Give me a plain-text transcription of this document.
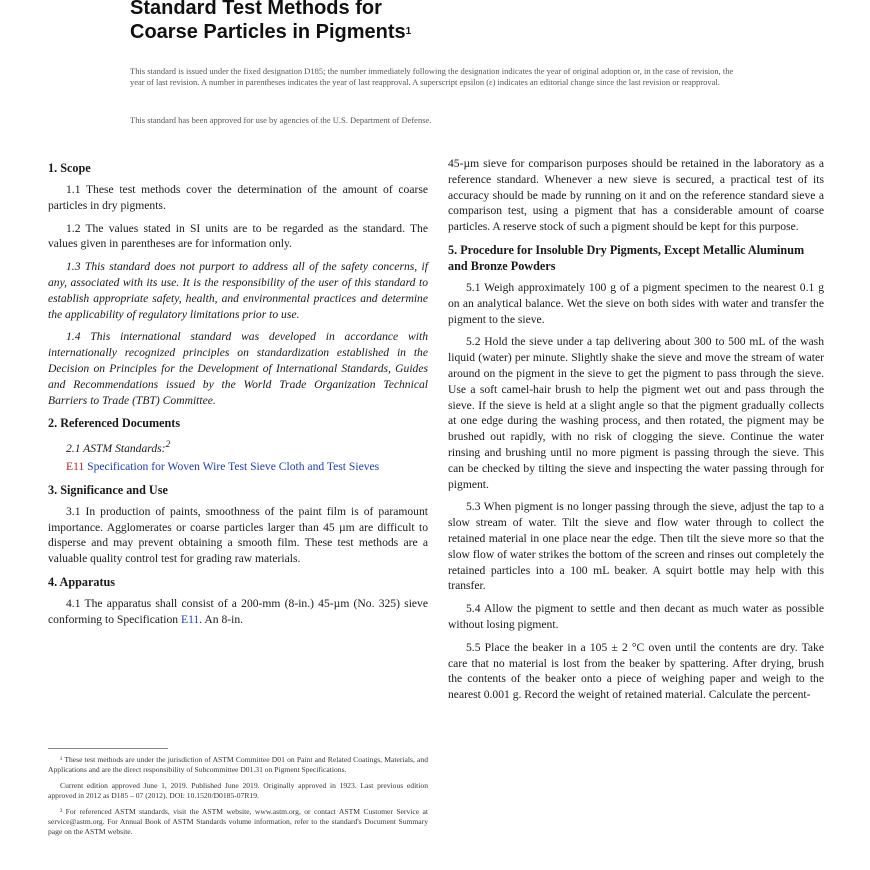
Standard Test Methods for
Coarse Particles in Pigments$^1$
This standard is issued under the fixed designation D185; the number immediately following the designation indicates the year of original adoption or, in the case of revision, the year of last revision. A number in parentheses indicates the year of last reapproval. A superscript epsilon (ε) indicates an editorial change since the last revision or reapproval.
This standard has been approved for use by agencies of the U.S. Department of Defense.
1. Scope

1.1 These test methods cover the determination of the amount of coarse particles in dry pigments.

1.2 The values stated in SI units are to be regarded as the standard. The values given in parentheses are for information only.

1.3 This standard does not purport to address all of the safety concerns, if any, associated with its use. It is the responsibility of the user of this standard to establish appropriate safety, health, and environmental practices and determine the applicability of regulatory limitations prior to use.

1.4 This international standard was developed in accordance with internationally recognized principles on standardization established in the Decision on Principles for the Development of International Standards, Guides and Recommendations issued by the World Trade Organization Technical Barriers to Trade (TBT) Committee.

2. Referenced Documents
2.1 ASTM Standards:$^2$
E11 Specification for Woven Wire Test Sieve Cloth and Test Sieves
3. Significance and Use

3.1 In production of paints, smoothness of the paint film is of paramount importance. Agglomerates or coarse particles larger than 45 µm are difficult to disperse and may prevent obtaining a smooth film. These test methods are a valuable quality control test for grading raw materials.

4. Apparatus

4.1 The apparatus shall consist of a 200-mm (8-in.) 45-µm (No. 325) sieve conforming to Specification E11. An 8-in.

¹ These test methods are under the jurisdiction of ASTM Committee D01 on Paint and Related Coatings, Materials, and Applications and are the direct responsibility of Subcommittee D01.31 on Pigment Specifications.

Current edition approved June 1, 2019. Published June 2019. Originally approved in 1923. Last previous edition approved in 2012 as D185 – 07 (2012). DOI: 10.1520/D0185-07R19.

² For referenced ASTM standards, visit the ASTM website, www.astm.org, or contact ASTM Customer Service at service@astm.org. For Annual Book of ASTM Standards volume information, refer to the standard's Document Summary page on the ASTM website.

45-µm sieve for comparison purposes should be retained in the laboratory as a reference standard. Whenever a new sieve is secured, a practical test of its accuracy should be made by running on it and on the reference standard sieve a comparison test, using a pigment that has a considerable amount of coarse particles. A reserve stock of such a pigment should be kept for this purpose.

5. Procedure for Insoluble Dry Pigments, Except Metallic Aluminum and Bronze Powders

5.1 Weigh approximately 100 g of a pigment specimen to the nearest 0.1 g on an analytical balance. Wet the sieve on both sides with water and transfer the pigment to the sieve.

5.2 Hold the sieve under a tap delivering about 300 to 500 mL of the wash liquid (water) per minute. Slightly shake the sieve and move the stream of water around on the pigment in the sieve to get the pigment to pass through the sieve. Use a soft camel-hair brush to help the pigment wet out and pass through the sieve. If the sieve is held at a slight angle so that the pigment gradually collects at one edge during the washing process, and then rotated, the pigment may be brushed out rapidly, with no risk of clogging the sieve. Continue the water rinsing and brushing until no more pigment is passing through the sieve. This can be checked by tilting the sieve and inspecting the water passing through for pigment.

5.3 When pigment is no longer passing through the sieve, adjust the tap to a slow stream of water. Tilt the sieve and flow water through to collect the retained material in one place near the edge. Then tilt the sieve more so that the slow flow of water strikes the bottom of the screen and rinses out completely the retained particles into a 100 mL beaker. A squirt bottle may help with this transfer.

5.4 Allow the pigment to settle and then decant as much water as possible without losing pigment.

5.5 Place the beaker in a 105 ± 2 °C oven until the contents are dry. Take care that no material is lost from the beaker by spattering. After drying, brush the contents of the beaker onto a piece of weighing paper and weigh to the nearest 0.001 g. Record the weight of retained material. Calculate the percent-
